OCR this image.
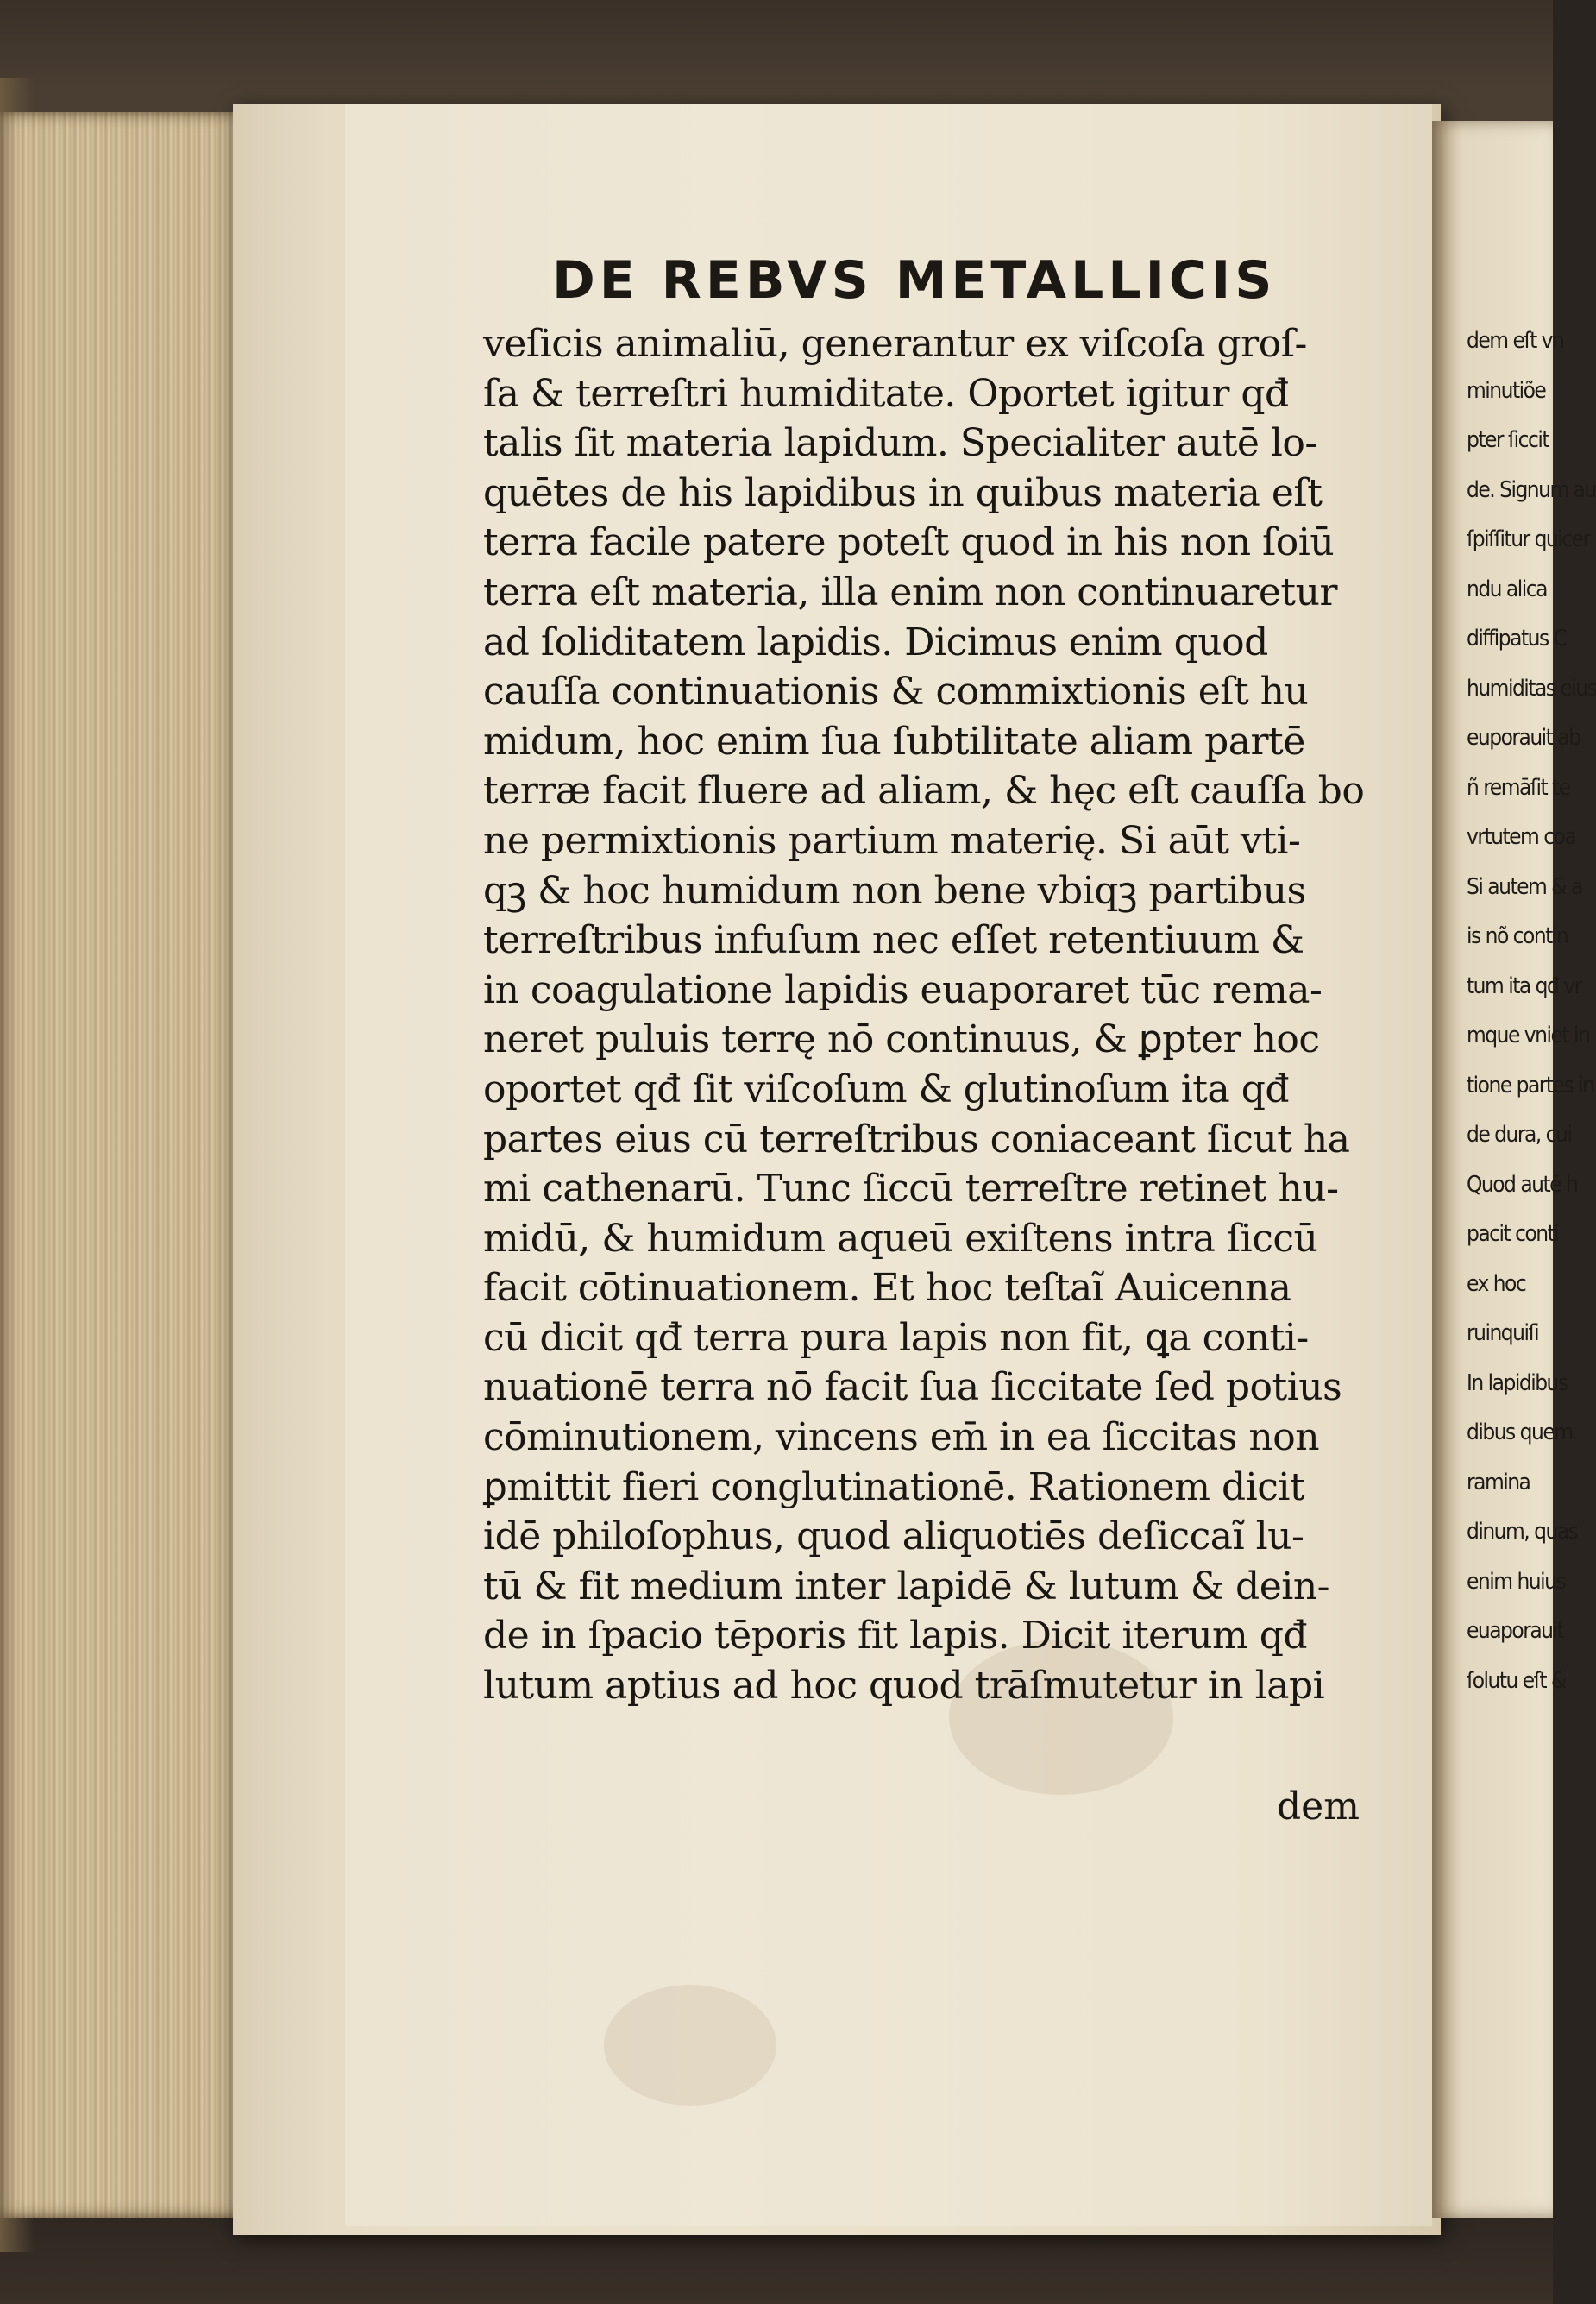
DE REBVS METALLICIS
veſicis animaliū, generantur ex viſcoſa groſ-
ſa & terreſtri humiditate. Oportet igitur qđ
talis ſit materia lapidum. Specialiter autē lo-
quētes de his lapidibus in quibus materia eſt
terra facile patere poteſt quod in his non ſoiū
terra eſt materia, illa enim non continuaretur
ad ſoliditatem lapidis. Dicimus enim quod
cauſſa continuationis & commixtionis eſt hu
midum, hoc enim ſua ſubtilitate aliam partē
terræ facit fluere ad aliam, & hęc eſt cauſſa bo
ne permixtionis partium materię. Si aūt vti-
qꝫ & hoc humidum non bene vbiqꝫ partibus
terreſtribus infuſum nec eſſet retentiuum &
in coagulatione lapidis euaporaret tūc rema-
neret puluis terrę nō continuus, & ꝑpter hoc
oportet qđ ſit viſcoſum & glutinoſum ita qđ
partes eius cū terreſtribus coniaceant ſicut ha
mi cathenarū. Tunc ſiccū terreſtre retinet hu-
midū, & humidum aqueū exiſtens intra ſiccū
facit cōtinuationem. Et hoc teſtaĩ Auicenna
cū dicit qđ terra pura lapis non fit, ꝗa conti-
nuationē terra nō facit ſua ſiccitate ſed potius
cōminutionem, vincens em̄ in ea ſiccitas non
ꝑmittit fieri conglutinationē. Rationem dicit
idē philoſophus, quod aliquotiēs deſiccaĩ lu-
tū & fit medium inter lapidē & lutum & dein-
de in ſpacio tēporis fit lapis. Dicit iterum qđ
lutum aptius ad hoc quod trāſmutetur in lapi
dem
dem eſt vn
minutiõe
pter ſiccit
de. Signum au
ſpiſſitur quicer
ndu alica
diffipatus C
humiditas eius
euporauit ab
ñ remāſit te
vrtutem coa
Si autem & a
is nõ contin
tum ita qđ vr
mque vniet in
tione partes in
de dura, cui
Quod autē h
pacit conti
ex hoc
ruinquiſi
In lapidibus
dibus quem
ramina
dinum, quas
enim huius
euaporauit
ſolutu eſt &
